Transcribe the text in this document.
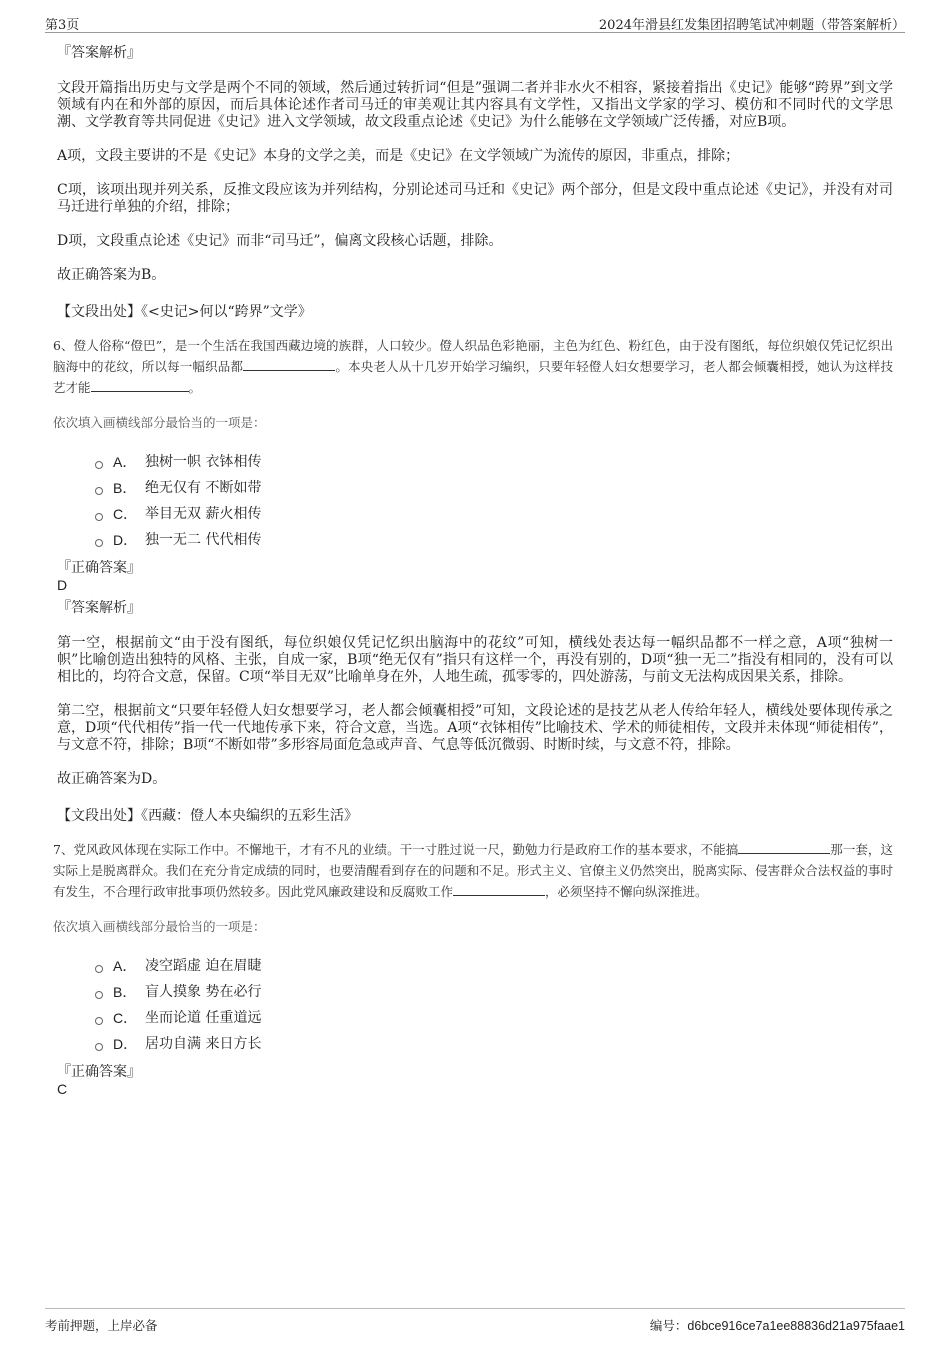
第3页	2024年滑县红发集团招聘笔试冲刺题（带答案解析）
『答案解析』

文段开篇指出历史与文学是两个不同的领域，然后通过转折词“但是”强调二者并非水火不相容，紧接着指出《史记》能够“跨界”到文学领域有内在和外部的原因，而后具体论述作者司马迁的审美观让其内容具有文学性，又指出文学家的学习、模仿和不同时代的文学思潮、文学教育等共同促进《史记》进入文学领域，故文段重点论述《史记》为什么能够在文学领域广泛传播，对应B项。

A项，文段主要讲的不是《史记》本身的文学之美，而是《史记》在文学领域广为流传的原因，非重点，排除；

C项，该项出现并列关系，反推文段应该为并列结构，分别论述司马迁和《史记》两个部分，但是文段中重点论述《史记》，并没有对司马迁进行单独的介绍，排除；

D项，文段重点论述《史记》而非“司马迁”，偏离文段核心话题，排除。

故正确答案为B。

【文段出处】《<史记>何以“跨界”文学》
6、僜人俗称“僜巴”，是一个生活在我国西藏边境的族群，人口较少。僜人织品色彩艳丽，主色为红色、粉红色，由于没有图纸，每位织娘仅凭记忆织出脑海中的花纹，所以每一幅织品都	。本央老人从十几岁开始学习编织，只要年轻僜人妇女想要学习，老人都会倾囊相授，她认为这样技艺才能	。
依次填入画横线部分最恰当的一项是：
A． 独树一帜 衣钵相传
B． 绝无仅有 不断如带
C． 举目无双 薪火相传
D． 独一无二 代代相传
『正确答案』
D
『答案解析』

第一空，根据前文“由于没有图纸，每位织娘仅凭记忆织出脑海中的花纹”可知，横线处表达每一幅织品都不一样之意，A项“独树一帜”比喻创造出独特的风格、主张，自成一家，B项“绝无仅有”指只有这样一个，再没有别的，D项“独一无二”指没有相同的，没有可以相比的，均符合文意，保留。C项“举目无双”比喻单身在外，人地生疏，孤零零的，四处游荡，与前文无法构成因果关系，排除。

第二空，根据前文“只要年轻僜人妇女想要学习，老人都会倾囊相授”可知，文段论述的是技艺从老人传给年轻人，横线处要体现传承之意，D项“代代相传”指一代一代地传承下来，符合文意，当选。A项“衣钵相传”比喻技术、学术的师徒相传，文段并未体现“师徒相传”，与文意不符，排除；B项“不断如带”多形容局面危急或声音、气息等低沉微弱、时断时续，与文意不符，排除。

故正确答案为D。

【文段出处】《西藏：僜人本央编织的五彩生活》
7、党风政风体现在实际工作中。不懈地干，才有不凡的业绩。干一寸胜过说一尺，勤勉力行是政府工作的基本要求，不能搞	那一套，这实际上是脱离群众。我们在充分肯定成绩的同时，也要清醒看到存在的问题和不足。形式主义、官僚主义仍然突出，脱离实际、侵害群众合法权益的事时有发生，不合理行政审批事项仍然较多。因此党风廉政建设和反腐败工作	，必须坚持不懈向纵深推进。
依次填入画横线部分最恰当的一项是：
A． 凌空蹈虚 迫在眉睫
B． 盲人摸象 势在必行
C． 坐而论道 任重道远
D． 居功自满 来日方长
『正确答案』
C
考前押题，上岸必备	编号：d6bce916ce7a1ee88836d21a975faae1
